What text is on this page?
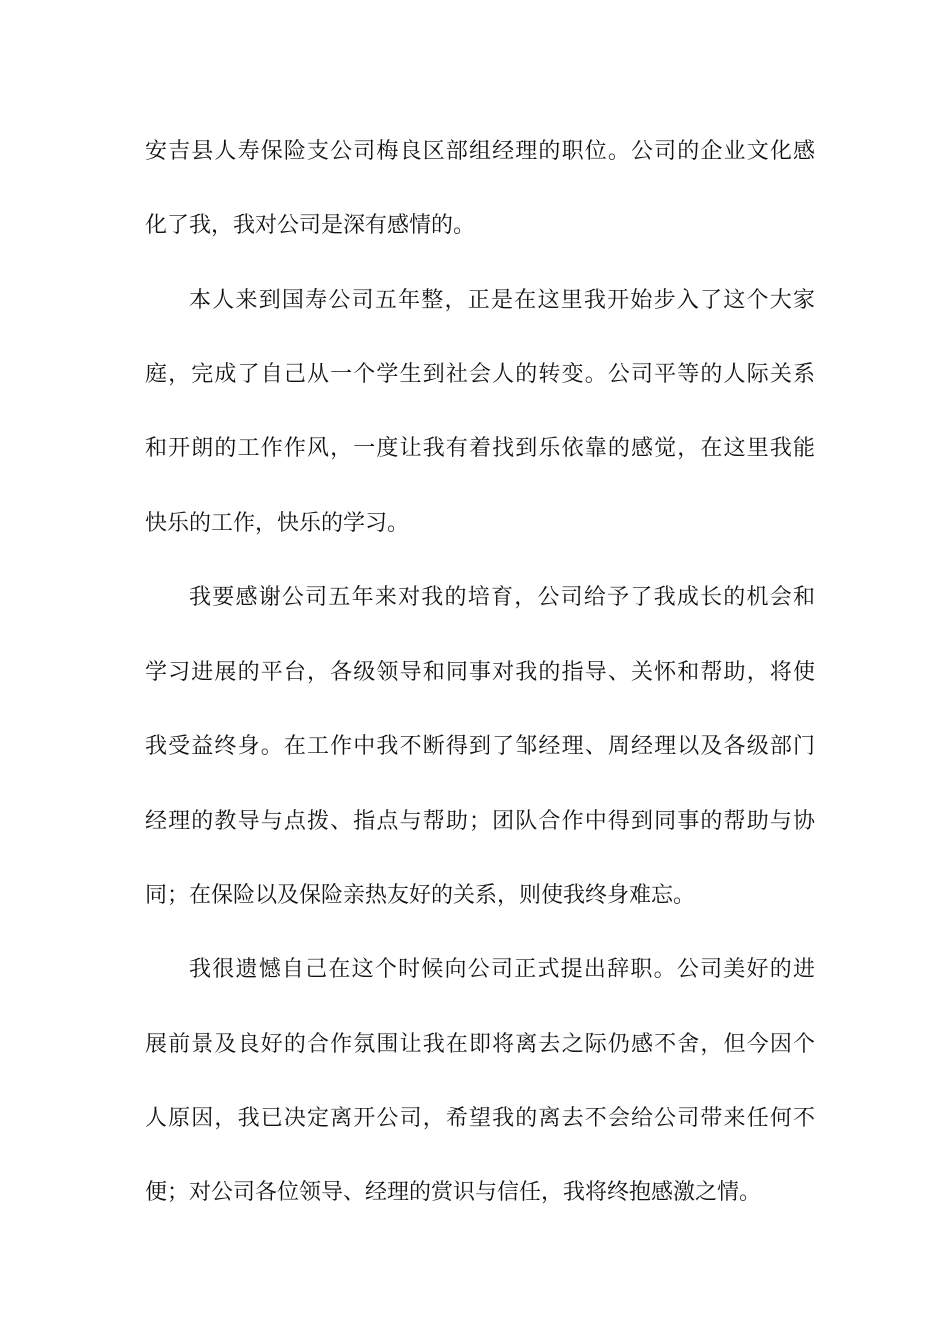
安吉县人寿保险支公司梅良区部组经理的职位。公司的企业文化感
化了我，我对公司是深有感情的。
本人来到国寿公司五年整，正是在这里我开始步入了这个大家
庭，完成了自己从一个学生到社会人的转变。公司平等的人际关系
和开朗的工作作风，一度让我有着找到乐依靠的感觉，在这里我能
快乐的工作，快乐的学习。
我要感谢公司五年来对我的培育，公司给予了我成长的机会和
学习进展的平台，各级领导和同事对我的指导、关怀和帮助，将使
我受益终身。在工作中我不断得到了邹经理、周经理以及各级部门
经理的教导与点拨、指点与帮助；团队合作中得到同事的帮助与协
同；在保险以及保险亲热友好的关系，则使我终身难忘。
我很遗憾自己在这个时候向公司正式提出辞职。公司美好的进
展前景及良好的合作氛围让我在即将离去之际仍感不舍，但今因个
人原因，我已决定离开公司，希望我的离去不会给公司带来任何不
便；对公司各位领导、经理的赏识与信任，我将终抱感激之情。
